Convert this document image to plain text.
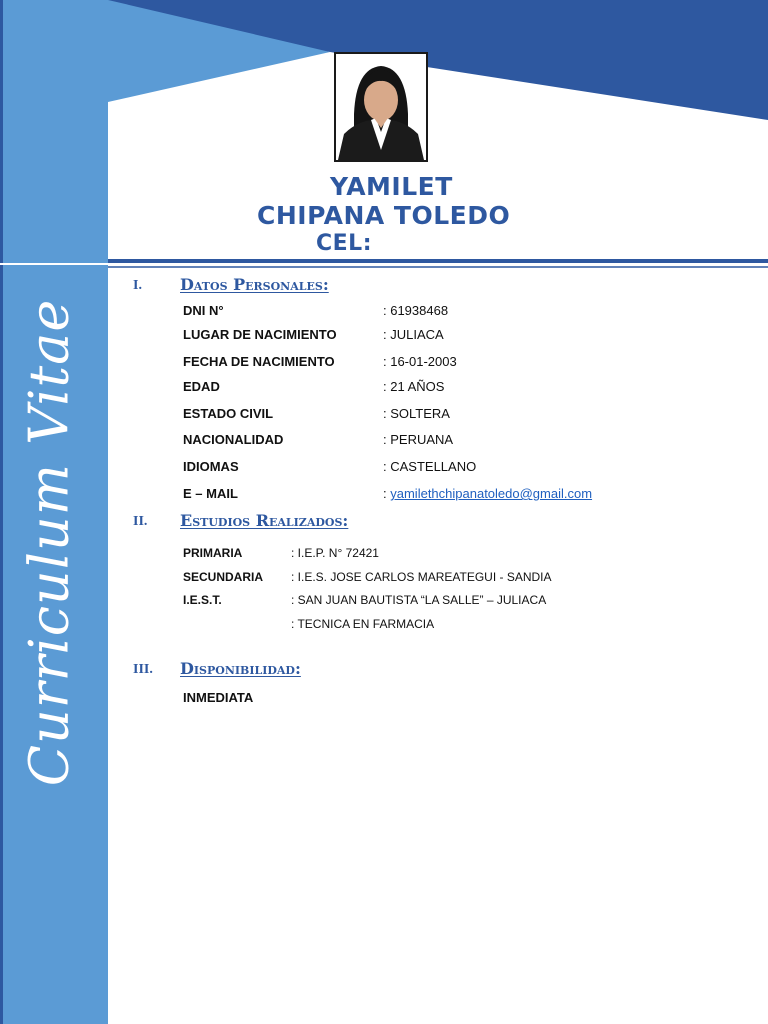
Curriculum Vitae
YAMILET
CHIPANA TOLEDO
CEL:
I. Datos Personales:
DNI N°	: 61938468
LUGAR DE NACIMIENTO	: JULIACA
FECHA DE NACIMIENTO	: 16-01-2003
EDAD	: 21 AÑOS
ESTADO CIVIL	: SOLTERA
NACIONALIDAD	: PERUANA
IDIOMAS	: CASTELLANO
E – MAIL	: yamilethchipanatoledo@gmail.com
II. Estudios Realizados:
PRIMARIA	: I.E.P. N° 72421
SECUNDARIA : I.E.S. JOSE CARLOS MAREATEGUI - SANDIA
I.E.S.T.	: SAN JUAN BAUTISTA “LA SALLE” – JULIACA
: TECNICA EN FARMACIA
III. Disponibilidad:
INMEDIATA
